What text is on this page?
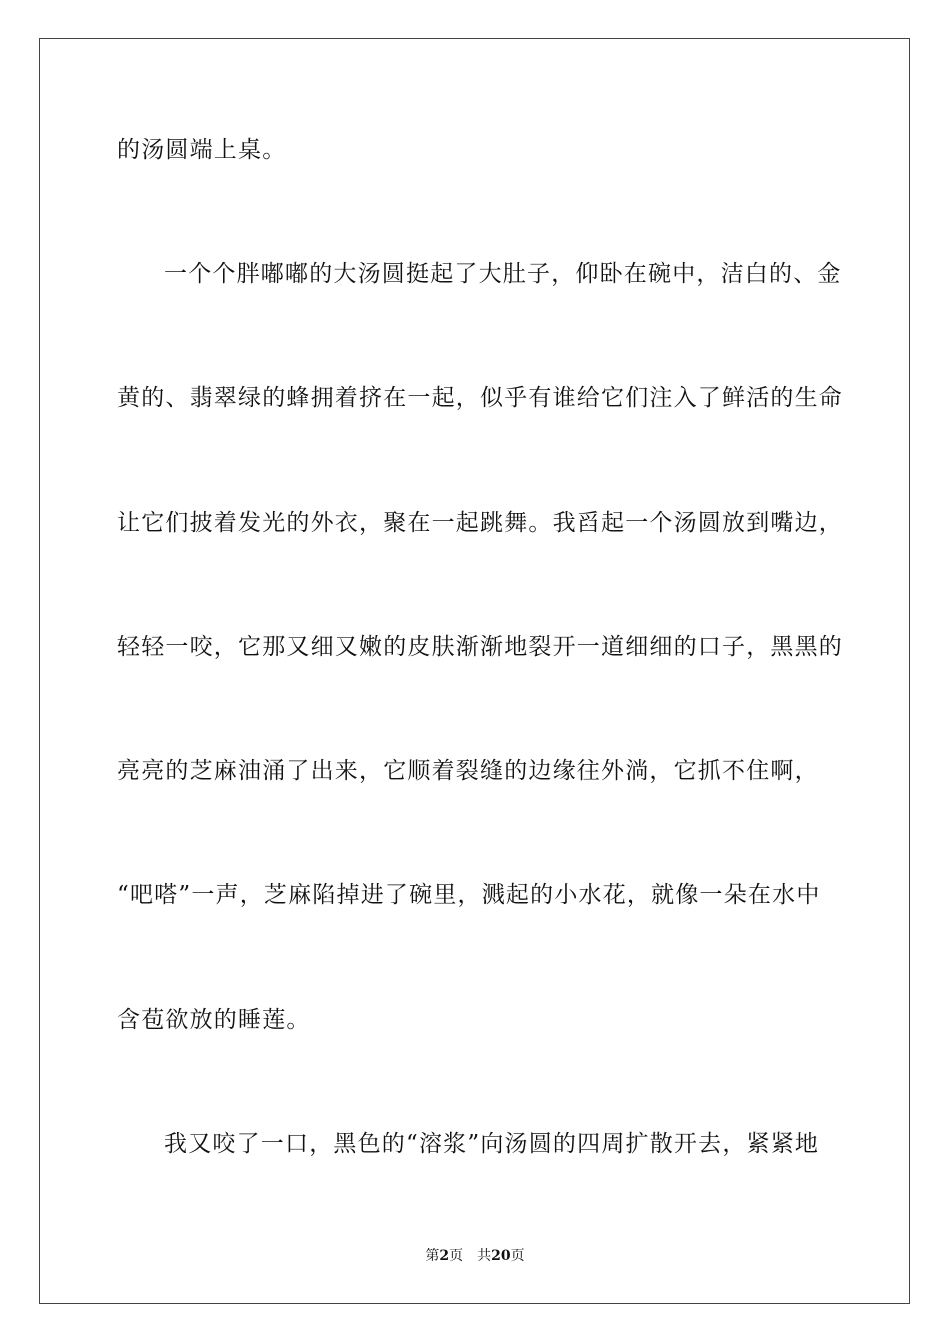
的汤圆端上桌。
一个个胖嘟嘟的大汤圆挺起了大肚子，仰卧在碗中，洁白的、金
黄的、翡翠绿的蜂拥着挤在一起，似乎有谁给它们注入了鲜活的生命
让它们披着发光的外衣，聚在一起跳舞。我舀起一个汤圆放到嘴边，
轻轻一咬，它那又细又嫩的皮肤渐渐地裂开一道细细的口子，黑黑的
亮亮的芝麻油涌了出来，它顺着裂缝的边缘往外淌，它抓不住啊，
“吧嗒”一声，芝麻陷掉进了碗里，溅起的小水花，就像一朵在水中
含苞欲放的睡莲。
我又咬了一口，黑色的“溶浆”向汤圆的四周扩散开去，紧紧地
第2页 共20页
